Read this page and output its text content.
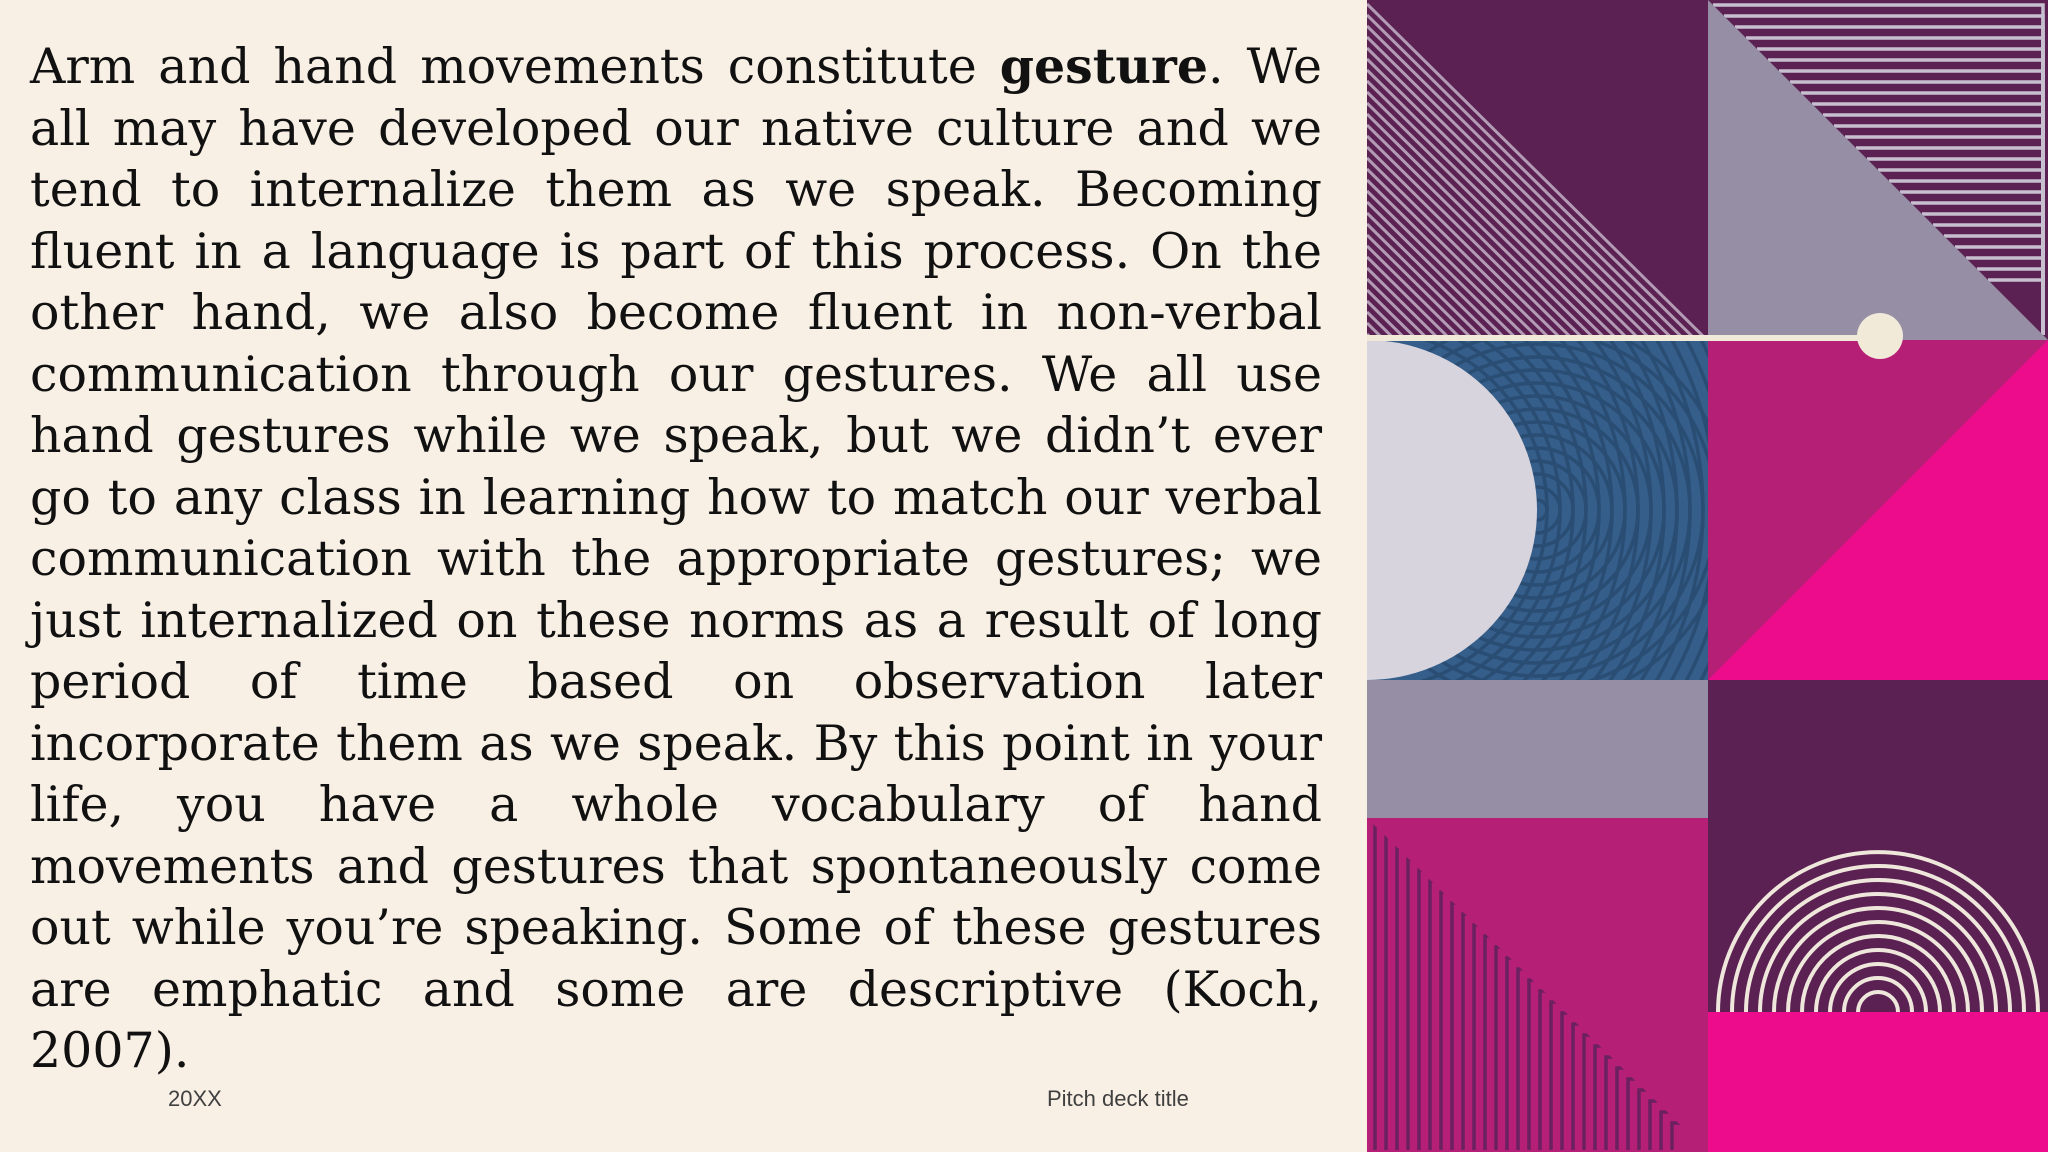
Arm and hand movements constitute gesture. We all may have developed our native culture and we tend to internalize them as we speak. Becoming fluent in a language is part of this process. On the other hand, we also become fluent in non-verbal communication through our gestures. We all use hand gestures while we speak, but we didn’t ever go to any class in learning how to match our verbal communication with the appropriate gestures; we just internalized on these norms as a result of long period of time based on observation later incorporate them as we speak. By this point in your life, you have a whole vocabulary of hand movements and gestures that spontaneously come out while you’re speaking. Some of these gestures are emphatic and some are descriptive (Koch, 2007).

20XX	Pitch deck title
